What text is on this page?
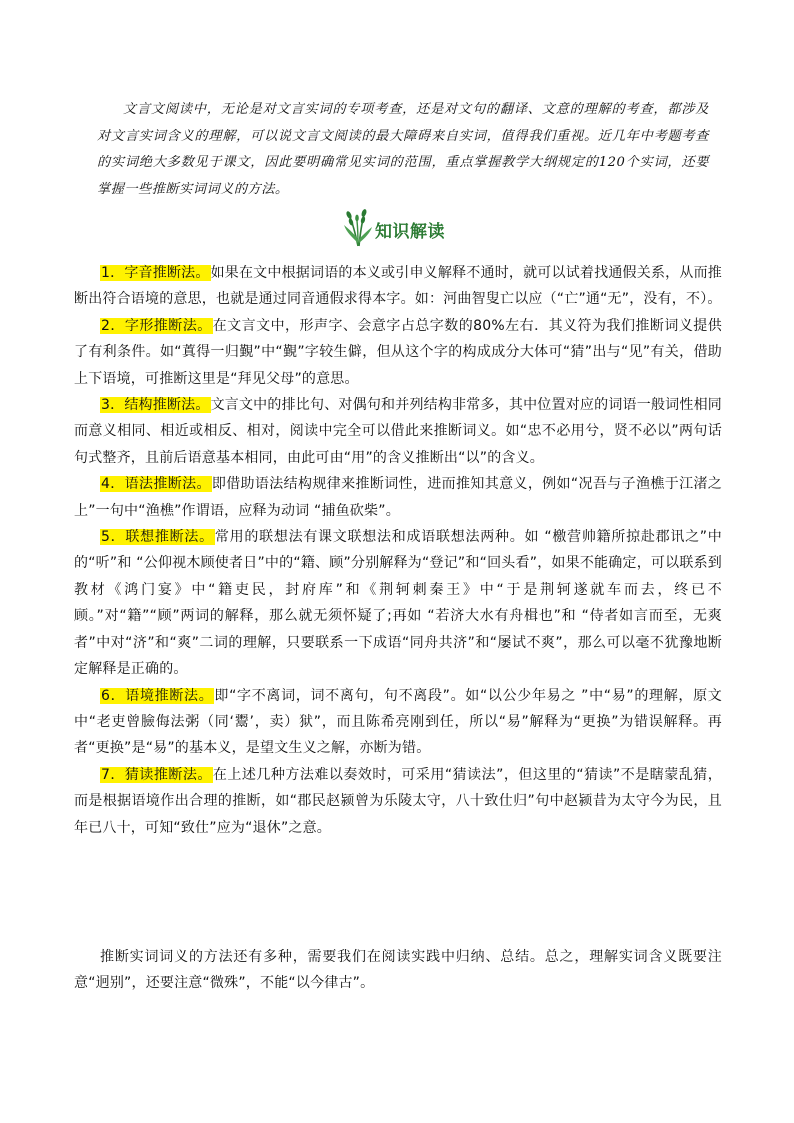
文言文阅读中，无论是对文言实词的专项考查，还是对文句的翻译、文意的理解的考查，都涉及对文言实词含义的理解，可以说文言文阅读的最大障碍来自实词，值得我们重视。近几年中考题考查的实词绝大多数见于课文，因此要明确常见实词的范围，重点掌握教学大纲规定的120个实词，还要掌握一些推断实词词义的方法。

知识解读

1．字音推断法。如果在文中根据词语的本义或引申义解释不通时，就可以试着找通假关系，从而推断出符合语境的意思，也就是通过同音通假求得本字。如：河曲智叟亡以应（“亡”通“无”，没有，不）。

2．字形推断法。在文言文中，形声字、会意字占总字数的80%左右．其义符为我们推断词义提供了有利条件。如“蒖得一归覲”中“覲”字较生僻，但从这个字的构成成分大体可“猜”出与“见”有关，借助上下语境，可推断这里是“拜见父母”的意思。

3．结构推断法。文言文中的排比句、对偶句和并列结构非常多，其中位置对应的词语一般词性相同而意义相同、相近或相反、相对，阅读中完全可以借此来推断词义。如“忠不必用兮，贤不必以”两句话句式整齐，且前后语意基本相同，由此可由“用”的含义推断出“以”的含义。

4．语法推断法。即借助语法结构规律来推断词性，进而推知其意义，例如“况吾与子渔樵于江渚之上”一句中“渔樵”作谓语，应释为动词 “捕鱼砍柴”。

5．联想推断法。常用的联想法有课文联想法和成语联想法两种。如 “檄营帅籍所掠赴郡讯之”中的“听”和 “公仰视木顾使者日”中的“籍、顾”分别解释为“登记”和“回头看”，如果不能确定，可以联系到教材《鸿门宴》中“籍吏民，封府库”和《荆轲刺秦王》中“于是荆轲遂就车而去，终已不顾。”对“籍”“顾”两词的解释，那么就无须怀疑了;再如 “若济大水有舟楫也”和 “侍者如言而至，无爽者”中对“济”和“爽”二词的理解，只要联系一下成语“同舟共济”和“屡试不爽”，那么可以毫不犹豫地断定解释是正确的。

6．语境推断法。即“字不离词，词不离句，句不离段”。如“以公少年易之 ”中“易”的理解，原文中“老吏曾臉侮法粥（同‘鬻’，卖）狱”，而且陈希亮刚到任，所以“易”解释为“更换”为错误解释。再者“更换”是“易”的基本义，是望文生义之解，亦断为错。

7．猜读推断法。在上述几种方法难以奏效时，可采用“猜读法”，但这里的“猜读”不是瞎蒙乱猜，而是根据语境作出合理的推断，如“郡民赵颍曾为乐陵太守，八十致仕归”句中赵颍昔为太守今为民，且年已八十，可知“致仕”应为“退休”之意。

推断实词词义的方法还有多种，需要我们在阅读实践中归纳、总结。总之，理解实词含义既要注意“迥别”，还要注意“微殊”，不能“以今律古”。
